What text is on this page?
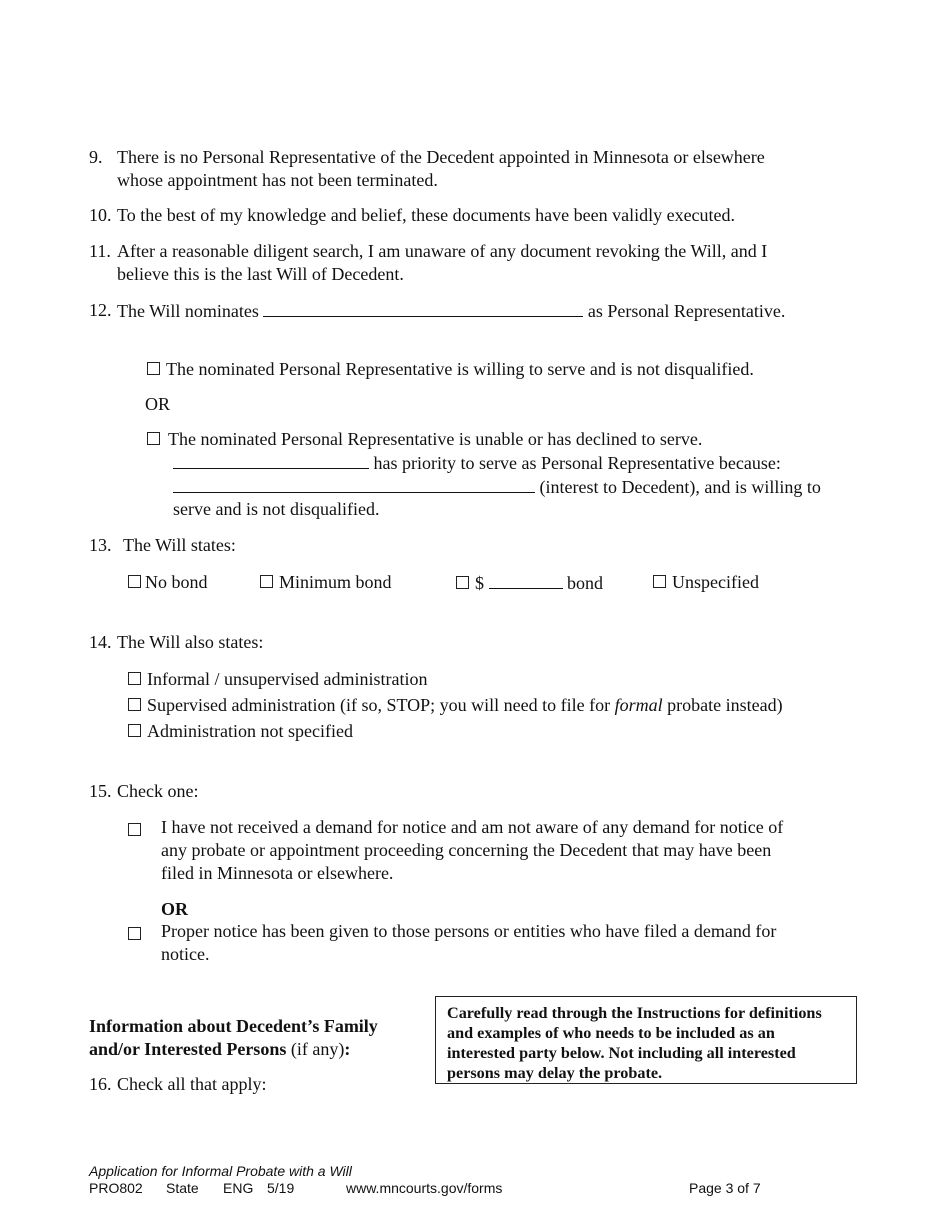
9. There is no Personal Representative of the Decedent appointed in Minnesota or elsewhere
whose appointment has not been terminated.
10. To the best of my knowledge and belief, these documents have been validly executed.
11. After a reasonable diligent search, I am unaware of any document revoking the Will, and I
believe this is the last Will of Decedent.
12. The Will nominates	as Personal Representative.
The nominated Personal Representative is willing to serve and is not disqualified.
OR
The nominated Personal Representative is unable or has declined to serve.
has priority to serve as Personal Representative because:
(interest to Decedent), and is willing to
serve and is not disqualified.
13. The Will states:
No bond	Minimum bond	$	bond	Unspecified
14. The Will also states:
Informal / unsupervised administration
Supervised administration (if so, STOP; you will need to file for formal probate instead)
Administration not specified
15. Check one:
I have not received a demand for notice and am not aware of any demand for notice of
any probate or appointment proceeding concerning the Decedent that may have been
filed in Minnesota or elsewhere.
OR
Proper notice has been given to those persons or entities who have filed a demand for
notice.
Information about Decedent’s Family
and/or Interested Persons (if any):
Carefully read through the Instructions for definitions and examples of who needs to be included as an interested party below. Not including all interested persons may delay the probate.
16. Check all that apply:
Application for Informal Probate with a Will
PRO802 State ENG 5/19	www.mncourts.gov/forms	Page 3 of 7
